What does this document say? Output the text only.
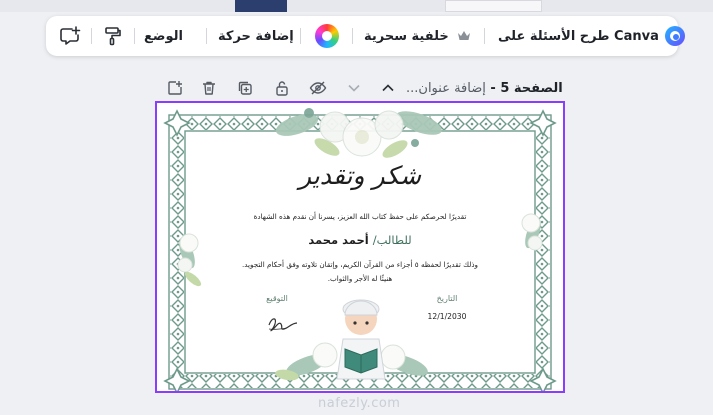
الوضع	إضافة حركة	خلفية سحرية	طرح الأسئلة على Canva
الصفحة 5 -

إضافة عنوان...
شكر وتقدير
تقديرًا لحرصكم على حفظ كتاب الله العزيز، يسرنا أن نقدم هذه الشهادة
للطالب/ أحمد محمد
وذلك تقديرًا لحفظه ٥ أجزاء من القرآن الكريم، وإتقان تلاوته وفق أحكام التجويد.
هنيئًا له الأجر والثواب.
التاريخ
12/1/2030
التوقيع
nafezly.com
